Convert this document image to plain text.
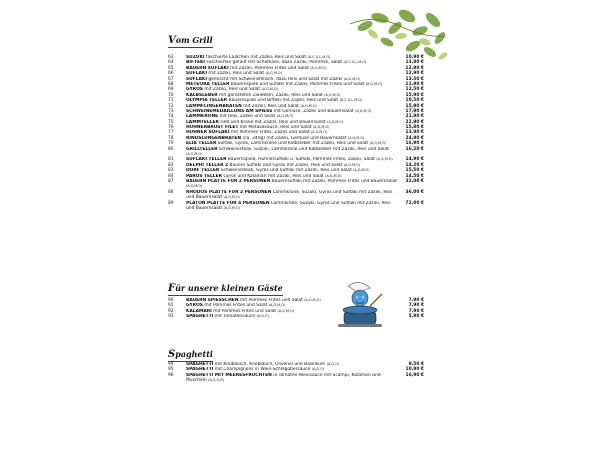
Vom Grill
63	SUZUKI faschierte Laibchen mit Zaziki, Reis und Salat (A,C,G,L,M,O)	10,90 €
64	BIFTEKI Faschiertes gefüllt mit Schafkäse, dazu Zaziki, Pommes, Salat (A,C,G,L,M,O)	13,80 €
65	BAUERN SUFLAKI mit Zaziki, Pommes Frites und Salat (A,G,M,O)	12,90 €
66	SUFLAKI mit Zaziki, Reis und Salat (A,G,M,O)	12,90 €
67	SUFLAKI gemischt mit Schweinsfleisch, dazu Reis und Salat mit Zaziki (A,G,M,O)	13,50 €
68	METEORA TELLER Bauernspieß und Suflaki mit Zaziki, Pommes Frites und Salat (A,G,M,O)	11,90 €
69	GYROS mit Zaziki, Reis und Salat (A,G,M,O)	12,50 €
70	KALBSLEBER mit gerösteten Zwiebeln, Zaziki, Reis und Salat (A,G,M,O)	15,90 €
71	OLYMPIA TELLER Bauernspieß und Bifteki mit Zaziki, Reis und Salat (A,C,G,L,M,O)	10,50 €
72	LAMMFLINGENBRATEN mit Zaziki, Reis und Salat (A,G,M,O)	15,90 €
73	SCHWEINEMEDAILLONS AM SPIESS mit Gemüse, Zaziki und Bauernsalat (A,G,M,O)	17,90 €
74	LAMMKRONE mit Reis, Zaziki und Salat (A,G,M,O)	21,90 €
75	LAMMTELLER Filet und Krone mit Zaziki, Reis und Bauernsalat (A,G,M,O)	22,90 €
76	HÜHNERBRUST FILET mit Metaxasauce, Reis und Salat (A,G,M,O)	15,80 €
77	HÜHNER SUFLAKI mit Pommes Frites, Zaziki und Salat (A,G,M,O)	13,90 €
78	RINDSLUNGENBRATEN (ca. 240g) mit Zaziki, Gemüse und Bauernsalat (A,G,M,O)	24,90 €
79	ELIA TELLER Suflaki, Gyros, Lammkrone und Kalbsleber mit Zaziki, Reis und Salat (A,G,M,O)	16,90 €
80	GRILLTELLER Schweinssteak, Suzuki, Lammkrone und Kalbsleber mit Zaziki, Reis und Salat (A,G,M,O)
16,20 €
81	SUFLAKI TELLER Bauernspieß, Hühnersuflaki u. Suflaki, Pommes Frites, Zaziki, Salat (A,G,M,O)	14,90 €
82	DELPHI TELLER 2 Bauern Suflaki und Gyros mit Zaziki, Reis und Salat (A,G,M,O)	14,20 €
83	DORF TELLER Schweinssteak, Gyros und Suflaki mit Zaziki, Reis und Salat (A,G,M,O)	15,50 €
84	PAROS TELLER Gyros und Kalamari mit Zaziki, Reis und Salat (A,G,M,O)	14,50 €
87	BAUERN PLATTE FÜR 2 PERSONEN Bauernsuflaki mit Zaziki, Pommes Frites und Bauernsalat (A,G,M,O)
32,00 €
88	RHODOS PLATTE FÜR 2 PERSONEN Lammkrone, Suzuki, Gyros und Suflaki mit Zaziki, Reis und Bauernsalat (A,G,M,O)
36,00 €
89	PLATON PLATTE FÜR 4 PERSONEN Lammkrone, Suzuki, Gyros und Suflaki mit Zaziki, Reis und Bauernsalat (A,G,M,O)
72,00 €
Für unsere kleinen Gäste
90	BAUERN SPIESSCHEN mit Pommes Frites und Salat (A,G,M,O)	7,90 €
91	GYROS mit Pommes Frites und Salat (A,G,M,O)	7,90 €
92	KALAMARI mit Pommes Frites und Salat (A,G,M,O)	7,90 €
93	SPAGHETTI mit Tomatensauce (A,G,O)	5,90 €
Spaghetti
94	SPAGHETTI mit Knoblauch, Knoblauch, Olivenöl und Basilikum (A,G,O)	9,50 €
95	SPAGHETTI mit Champignons in Wein-Schlagobersauce (A,G,O)	10,90 €
96	SPAGHETTI MIT MEERESFRÜCHTEN in Tomaten-Weinsauce mit Scampi, Kalamari und Muscheln (A,G,O,R)
16,90 €
